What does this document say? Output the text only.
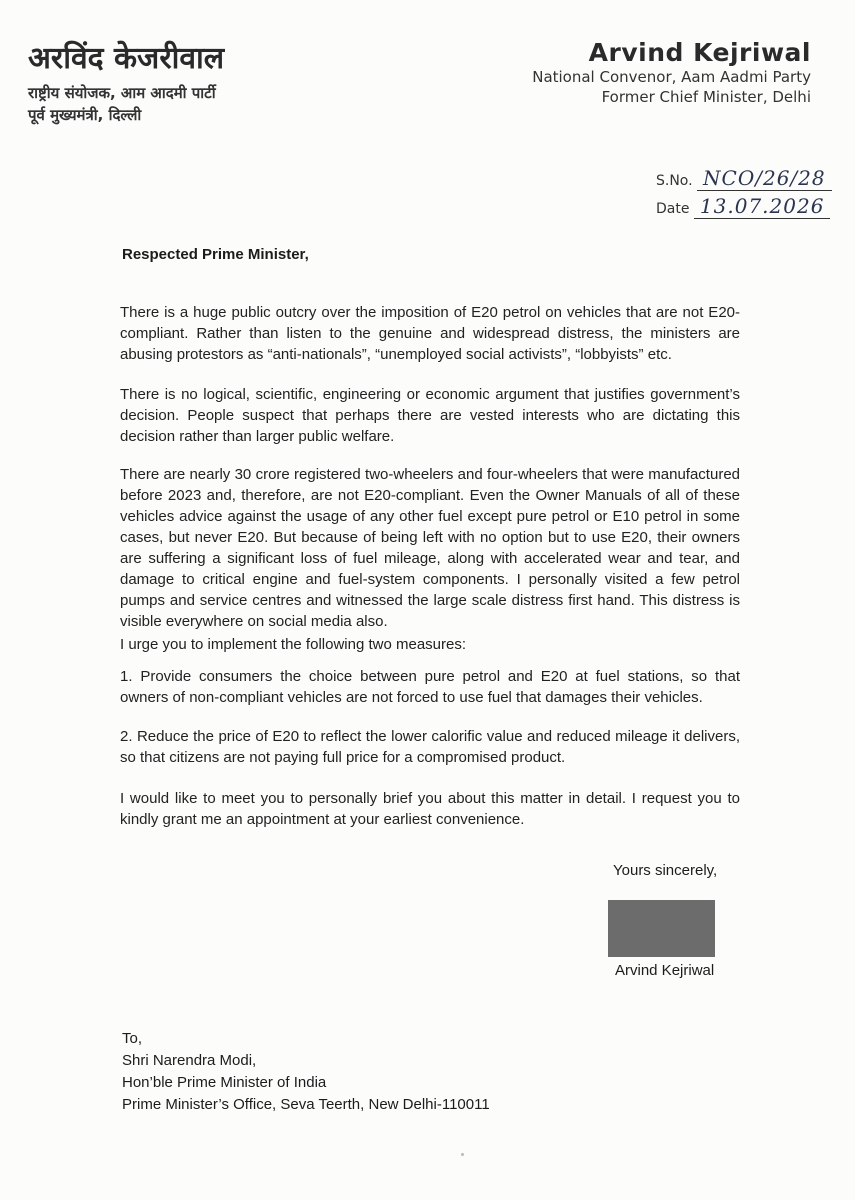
अरविंद केजरीवाल
राष्ट्रीय संयोजक, आम आदमी पार्टी
पूर्व मुख्यमंत्री, दिल्ली
Arvind Kejriwal
National Convenor, Aam Aadmi Party
Former Chief Minister, Delhi
S.No. NCO/26/28
Date 13.07.2026
Respected Prime Minister,
There is a huge public outcry over the imposition of E20 petrol on vehicles that are not E20-compliant. Rather than listen to the genuine and widespread distress, the ministers are abusing protestors as “anti-nationals”, “unemployed social activists”, “lobbyists” etc.
There is no logical, scientific, engineering or economic argument that justifies government’s decision. People suspect that perhaps there are vested interests who are dictating this decision rather than larger public welfare.
There are nearly 30 crore registered two-wheelers and four-wheelers that were manufactured before 2023 and, therefore, are not E20-compliant. Even the Owner Manuals of all of these vehicles advice against the usage of any other fuel except pure petrol or E10 petrol in some cases, but never E20. But because of being left with no option but to use E20, their owners are suffering a significant loss of fuel mileage, along with accelerated wear and tear, and damage to critical engine and fuel-system components. I personally visited a few petrol pumps and service centres and witnessed the large scale distress first hand. This distress is visible everywhere on social media also.
I urge you to implement the following two measures:
1. Provide consumers the choice between pure petrol and E20 at fuel stations, so that owners of non-compliant vehicles are not forced to use fuel that damages their vehicles.
2. Reduce the price of E20 to reflect the lower calorific value and reduced mileage it delivers, so that citizens are not paying full price for a compromised product.
I would like to meet you to personally brief you about this matter in detail. I request you to kindly grant me an appointment at your earliest convenience.
Yours sincerely,
Arvind Kejriwal
To,
Shri Narendra Modi,
Hon’ble Prime Minister of India
Prime Minister’s Office, Seva Teerth, New Delhi-110011
